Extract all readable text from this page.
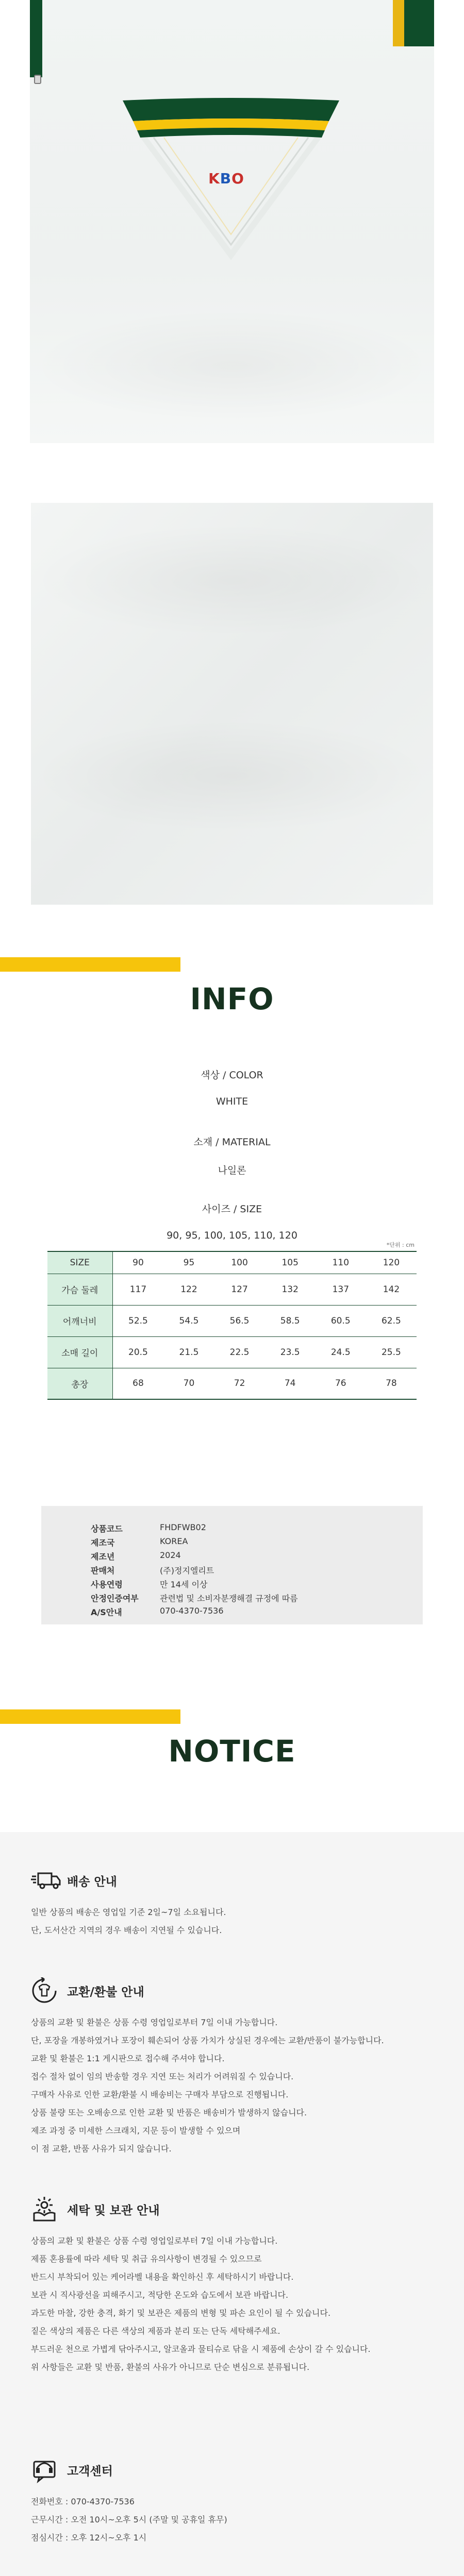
K B O
INFO
색상 / COLOR
WHITE
소재 / MATERIAL
나일론
사이즈 / SIZE
90, 95, 100, 105, 110, 120
*단위 : cm
SIZE	90	95	100	105	110	120
가슴 둘레	117	122	127	132	137	142
어깨너비	52.5	54.5	56.5	58.5	60.5	62.5
소매 길이	20.5	21.5	22.5	23.5	24.5	25.5
총장	68	70	72	74	76	78
상품코드	FHDFWB02
제조국	KOREA
제조년	2024
판매처	(주)정지엘리트
사용연령	만 14세 이상
안정인증여부	관련법 및 소비자분쟁해결 규정에 따름
A/S안내	070-4370-7536
NOTICE
배송 안내
일반 상품의 배송은 영업일 기준 2일~7일 소요됩니다.
단, 도서산간 지역의 경우 배송이 지연될 수 있습니다.
교환/환불 안내
상품의 교환 및 환불은 상품 수령 영업일로부터 7일 이내 가능합니다.
단, 포장을 개봉하였거나 포장이 훼손되어 상품 가치가 상실된 경우에는 교환/반품이 불가능합니다.
교환 및 환불은 1:1 게시판으로 접수해 주셔야 합니다.
접수 절차 없이 임의 반송할 경우 지연 또는 처리가 어려워질 수 있습니다.
구매자 사유로 인한 교환/환불 시 배송비는 구매자 부담으로 진행됩니다.
상품 불량 또는 오배송으로 인한 교환 및 반품은 배송비가 발생하지 않습니다.
제조 과정 중 미세한 스크래치, 지문 등이 발생할 수 있으며
이 점 교환, 반품 사유가 되지 않습니다.
세탁 및 보관 안내
상품의 교환 및 환불은 상품 수령 영업일로부터 7일 이내 가능합니다.
제품 혼용률에 따라 세탁 및 취급 유의사항이 변경될 수 있으므로
반드시 부착되어 있는 케어라벨 내용을 확인하신 후 세탁하시기 바랍니다.
보관 시 직사광선을 피해주시고, 적당한 온도와 습도에서 보관 바랍니다.
과도한 마찰, 강한 충격, 화기 및 보관은 제품의 변형 및 파손 요인이 될 수 있습니다.
짙은 색상의 제품은 다른 색상의 제품과 분리 또는 단독 세탁해주세요.
부드러운 천으로 가볍게 닦아주시고, 알코올과 물티슈로 닦을 시 제품에 손상이 갈 수 있습니다.
위 사항들은 교환 및 반품, 환불의 사유가 아니므로 단순 변심으로 분류됩니다.
고객센터
전화번호 : 070-4370-7536
근무시간 : 오전 10시~오후 5시 (주말 및 공휴일 휴무)
점심시간 : 오후 12시~오후 1시
